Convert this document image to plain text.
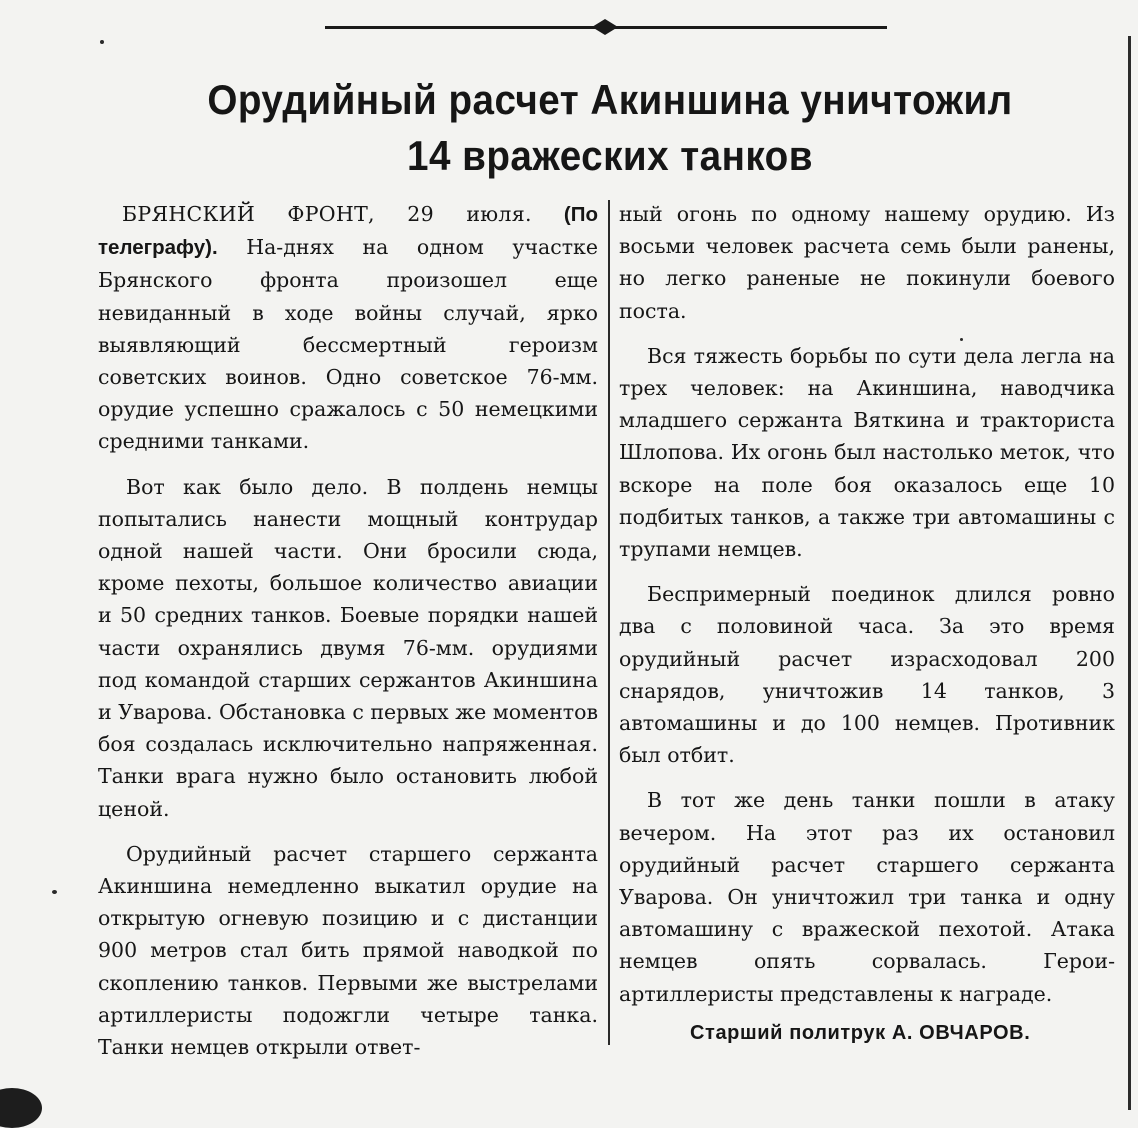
Орудийный расчет Акиншина уничтожил
14 вражеских танков

БРЯНСКИЙ ФРОНТ, 29 июля. (По телеграфу). На-днях на одном участке Брянского фронта произошел еще невиданный в ходе войны случай, ярко выявляющий бессмертный героизм советских воинов. Одно советское 76-мм. орудие успешно сражалось с 50 немецкими средними танками.

Вот как было дело. В полдень немцы попытались нанести мощный контрудар одной нашей части. Они бросили сюда, кроме пехоты, большое количество авиации и 50 средних танков. Боевые порядки нашей части охранялись двумя 76-мм. орудиями под командой старших сержантов Акиншина и Уварова. Обстановка с первых же моментов боя создалась исключительно напряженная. Танки врага нужно было остановить любой ценой.

Орудийный расчет старшего сержанта Акиншина немедленно выкатил орудие на открытую огневую позицию и с дистанции 900 метров стал бить прямой наводкой по скоплению танков. Первыми же выстрелами артиллеристы подожгли четыре танка. Танки немцев открыли ответ-

ный огонь по одному нашему орудию. Из восьми человек расчета семь были ранены, но легко раненые не покинули боевого поста.

Вся тяжесть борьбы по сути дела легла на трех человек: на Акиншина, наводчика младшего сержанта Вяткина и тракториста Шлопова. Их огонь был настолько меток, что вскоре на поле боя оказалось еще 10 подбитых танков, а также три автомашины с трупами немцев.

Беспримерный поединок длился ровно два с половиной часа. За это время орудийный расчет израсходовал 200 снарядов, уничтожив 14 танков, 3 автомашины и до 100 немцев. Противник был отбит.

В тот же день танки пошли в атаку вечером. На этот раз их остановил орудийный расчет старшего сержанта Уварова. Он уничтожил три танка и одну автомашину с вражеской пехотой. Атака немцев опять сорвалась. Герои-артиллеристы представлены к награде.

Старший политрук А. ОВЧАРОВ.
